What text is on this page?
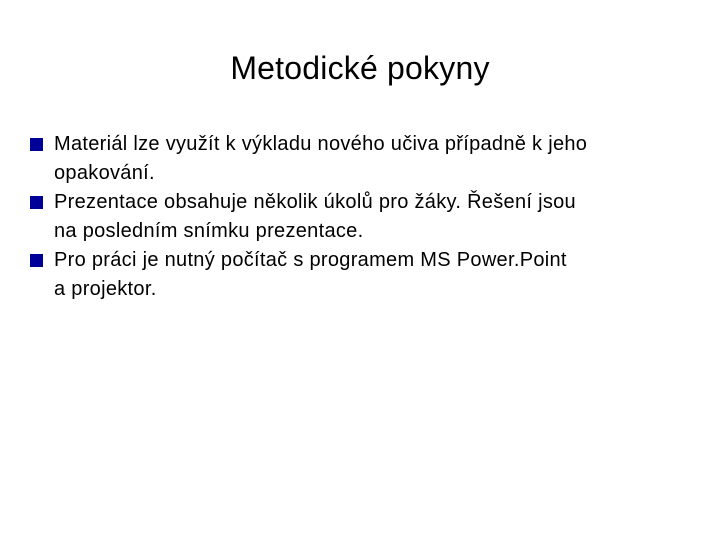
Metodické pokyny
Materiál lze využít k výkladu nového učiva případně k jeho
opakování.
Prezentace obsahuje několik úkolů pro žáky. Řešení jsou
na posledním snímku prezentace.
Pro práci je nutný počítač s programem MS Power.Point
a projektor.
